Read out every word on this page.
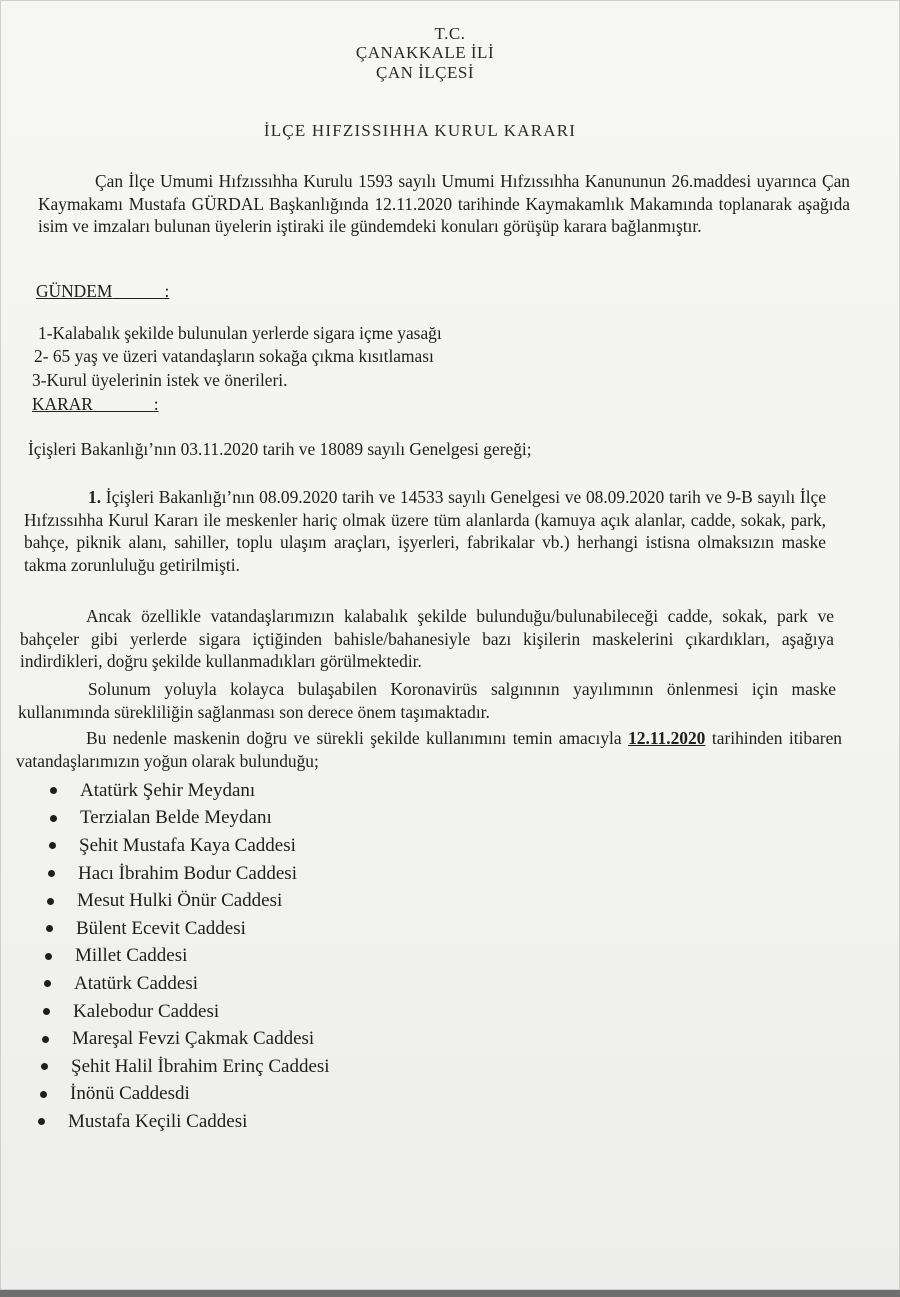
T.C.
ÇANAKKALE İLİ
ÇAN İLÇESİ
İLÇE HIFZISSIHHA KURUL KARARI
Çan İlçe Umumi Hıfzıssıhha Kurulu 1593 sayılı Umumi Hıfzıssıhha Kanununun 26.maddesi uyarınca Çan Kaymakamı Mustafa GÜRDAL Başkanlığında 12.11.2020 tarihinde Kaymakamlık Makamında toplanarak aşağıda isim ve imzaları bulunan üyelerin iştiraki ile gündemdeki konuları görüşüp karara bağlanmıştır.
GÜNDEM	:
1-Kalabalık şekilde bulunulan yerlerde sigara içme yasağı
2- 65 yaş ve üzeri vatandaşların sokağa çıkma kısıtlaması
3-Kurul üyelerinin istek ve önerileri.
KARAR	:
İçişleri Bakanlığı’nın 03.11.2020 tarih ve 18089 sayılı Genelgesi gereği;
1. İçişleri Bakanlığı’nın 08.09.2020 tarih ve 14533 sayılı Genelgesi ve 08.09.2020 tarih ve 9-B sayılı İlçe Hıfzıssıhha Kurul Kararı ile meskenler hariç olmak üzere tüm alanlarda (kamuya açık alanlar, cadde, sokak, park, bahçe, piknik alanı, sahiller, toplu ulaşım araçları, işyerleri, fabrikalar vb.) herhangi istisna olmaksızın maske takma zorunluluğu getirilmişti.
Ancak özellikle vatandaşlarımızın kalabalık şekilde bulunduğu/bulunabileceği cadde, sokak, park ve bahçeler gibi yerlerde sigara içtiğinden bahisle/bahanesiyle bazı kişilerin maskelerini çıkardıkları, aşağıya indirdikleri, doğru şekilde kullanmadıkları görülmektedir.
Solunum yoluyla kolayca bulaşabilen Koronavirüs salgınının yayılımının önlenmesi için maske kullanımında sürekliliğin sağlanması son derece önem taşımaktadır.
Bu nedenle maskenin doğru ve sürekli şekilde kullanımını temin amacıyla 12.11.2020 tarihinden itibaren vatandaşlarımızın yoğun olarak bulunduğu;
Atatürk Şehir Meydanı
Terzialan Belde Meydanı
Şehit Mustafa Kaya Caddesi
Hacı İbrahim Bodur Caddesi
Mesut Hulki Önür Caddesi
Bülent Ecevit Caddesi
Millet Caddesi
Atatürk Caddesi
Kalebodur Caddesi
Mareşal Fevzi Çakmak Caddesi
Şehit Halil İbrahim Erinç Caddesi
İnönü Caddesdi
Mustafa Keçili Caddesi
